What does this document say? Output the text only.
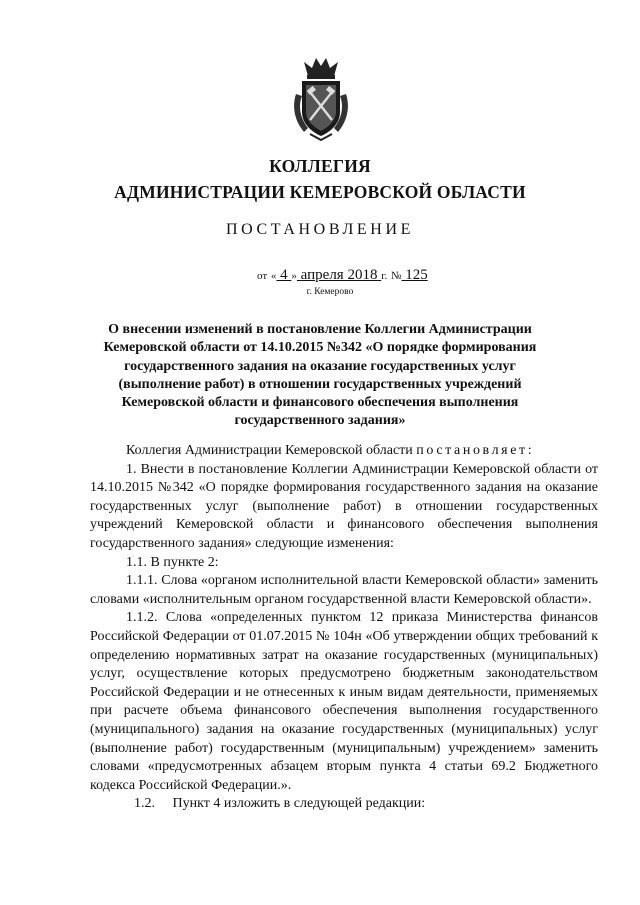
КОЛЛЕГИЯ
АДМИНИСТРАЦИИ КЕМЕРОВСКОЙ ОБЛАСТИ
ПОСТАНОВЛЕНИЕ
от « 4 » апреля 2018 г. № 125
г. Кемерово
О внесении изменений в постановление Коллегии Администрации Кемеровской области от 14.10.2015 №342 «О порядке формирования государственного задания на оказание государственных услуг (выполнение работ) в отношении государственных учреждений Кемеровской области и финансового обеспечения выполнения государственного задания»

Коллегия Администрации Кемеровской области постановляет:

1. Внести в постановление Коллегии Администрации Кемеровской области от 14.10.2015 №342 «О порядке формирования государственного задания на оказание государственных услуг (выполнение работ) в отношении государственных учреждений Кемеровской области и финансового обеспечения выполнения государственного задания» следующие изменения:

1.1. В пункте 2:

1.1.1. Слова «органом исполнительной власти Кемеровской области» заменить словами «исполнительным органом государственной власти Кемеровской области».

1.1.2. Слова «определенных пунктом 12 приказа Министерства финансов Российской Федерации от 01.07.2015 № 104н «Об утверждении общих требований к определению нормативных затрат на оказание государственных (муниципальных) услуг, осуществление которых предусмотрено бюджетным законодательством Российской Федерации и не отнесенных к иным видам деятельности, применяемых при расчете объема финансового обеспечения выполнения государственного (муниципального) задания на оказание государственных (муниципальных) услуг (выполнение работ) государственным (муниципальным) учреждением» заменить словами «предусмотренных абзацем вторым пункта 4 статьи 69.2 Бюджетного кодекса Российской Федерации.».

1.2. Пункт 4 изложить в следующей редакции:
